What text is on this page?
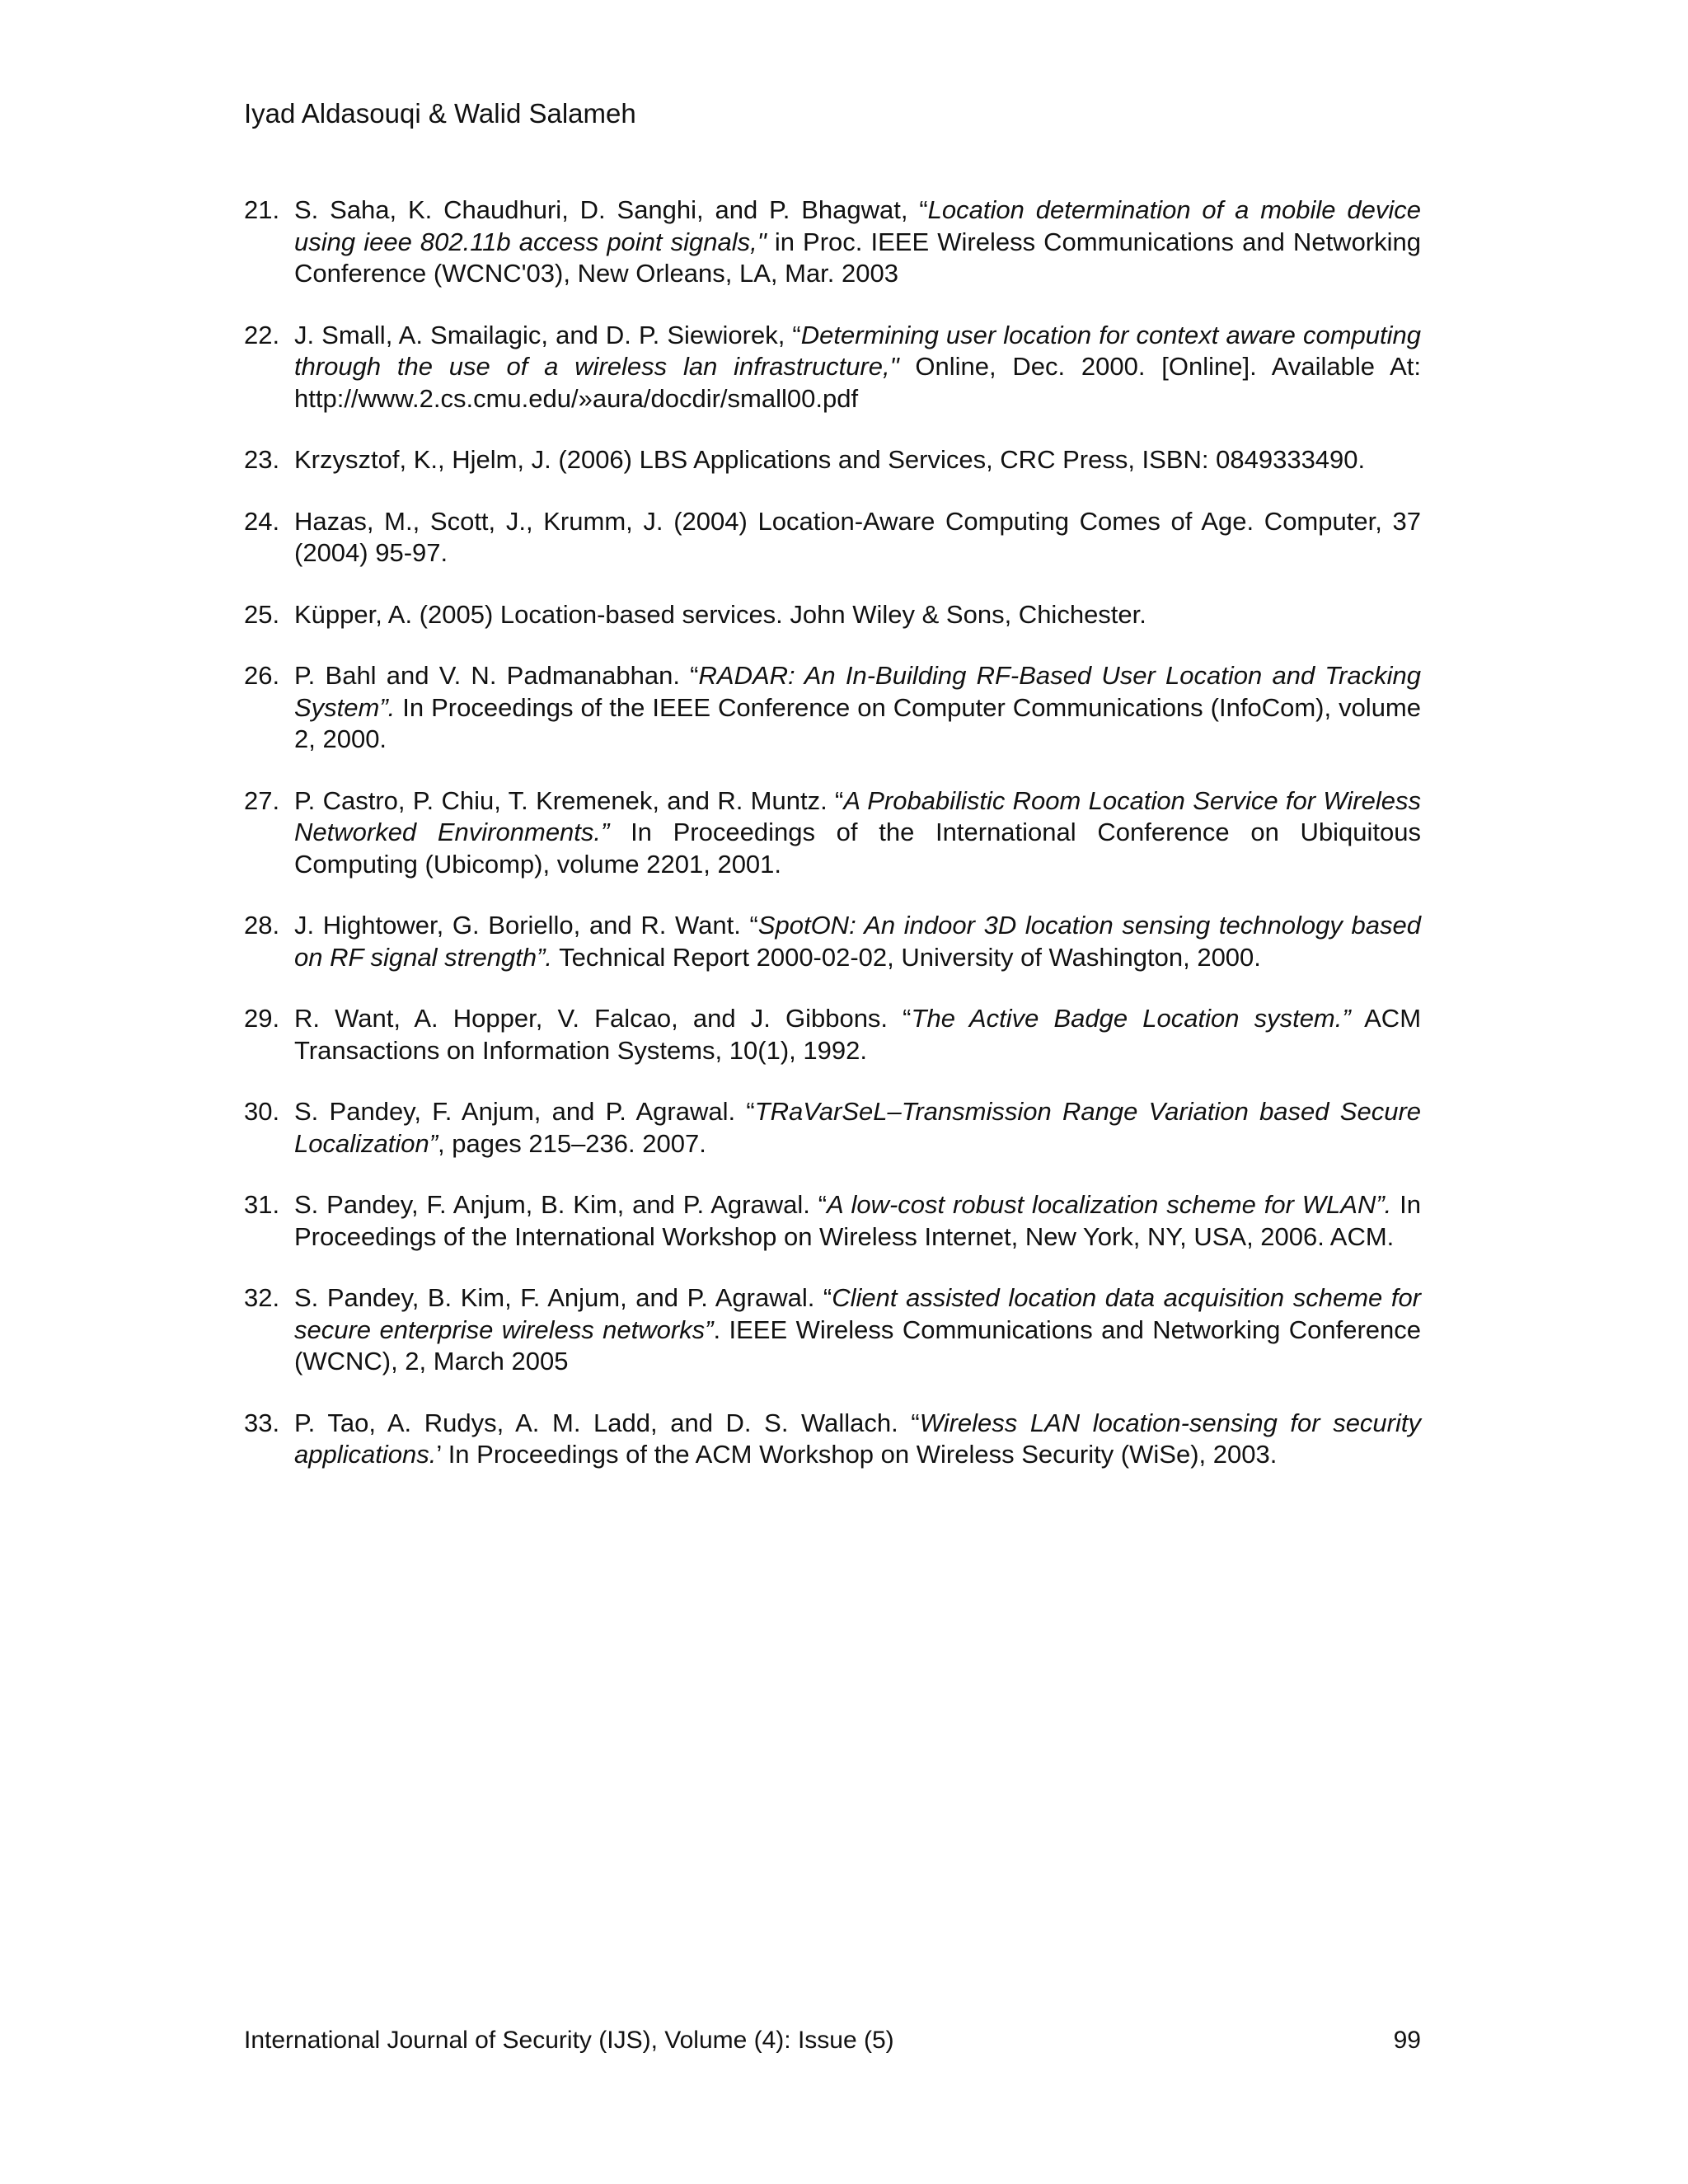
Iyad Aldasouqi & Walid Salameh
21. S. Saha, K. Chaudhuri, D. Sanghi, and P. Bhagwat, “Location determination of a mobile device using ieee 802.11b access point signals," in Proc. IEEE Wireless Communications and Networking Conference (WCNC'03), New Orleans, LA, Mar. 2003
22. J. Small, A. Smailagic, and D. P. Siewiorek, “Determining user location for context aware computing through the use of a wireless lan infrastructure," Online, Dec. 2000. [Online]. Available At: http://www.2.cs.cmu.edu/»aura/docdir/small00.pdf
23. Krzysztof, K., Hjelm, J. (2006) LBS Applications and Services, CRC Press, ISBN: 0849333490.
24. Hazas, M., Scott, J., Krumm, J. (2004) Location-Aware Computing Comes of Age. Computer, 37 (2004) 95-97.
25. Küpper, A. (2005) Location-based services. John Wiley & Sons, Chichester.
26. P. Bahl and V. N. Padmanabhan. “RADAR: An In-Building RF-Based User Location and Tracking System”. In Proceedings of the IEEE Conference on Computer Communications (InfoCom), volume 2, 2000.
27. P. Castro, P. Chiu, T. Kremenek, and R. Muntz. “A Probabilistic Room Location Service for Wireless Networked Environments.” In Proceedings of the International Conference on Ubiquitous Computing (Ubicomp), volume 2201, 2001.
28. J. Hightower, G. Boriello, and R. Want. “SpotON: An indoor 3D location sensing technology based on RF signal strength”. Technical Report 2000-02-02, University of Washington, 2000.
29. R. Want, A. Hopper, V. Falcao, and J. Gibbons. “The Active Badge Location system.” ACM Transactions on Information Systems, 10(1), 1992.
30. S. Pandey, F. Anjum, and P. Agrawal. “TRaVarSeL–Transmission Range Variation based Secure Localization”, pages 215–236. 2007.
31. S. Pandey, F. Anjum, B. Kim, and P. Agrawal. “A low-cost robust localization scheme for WLAN”. In Proceedings of the International Workshop on Wireless Internet, New York, NY, USA, 2006. ACM.
32. S. Pandey, B. Kim, F. Anjum, and P. Agrawal. “Client assisted location data acquisition scheme for secure enterprise wireless networks”. IEEE Wireless Communications and Networking Conference (WCNC), 2, March 2005
33. P. Tao, A. Rudys, A. M. Ladd, and D. S. Wallach. “Wireless LAN location-sensing for security applications.’ In Proceedings of the ACM Workshop on Wireless Security (WiSe), 2003.
International Journal of Security (IJS), Volume (4): Issue (5)	99
